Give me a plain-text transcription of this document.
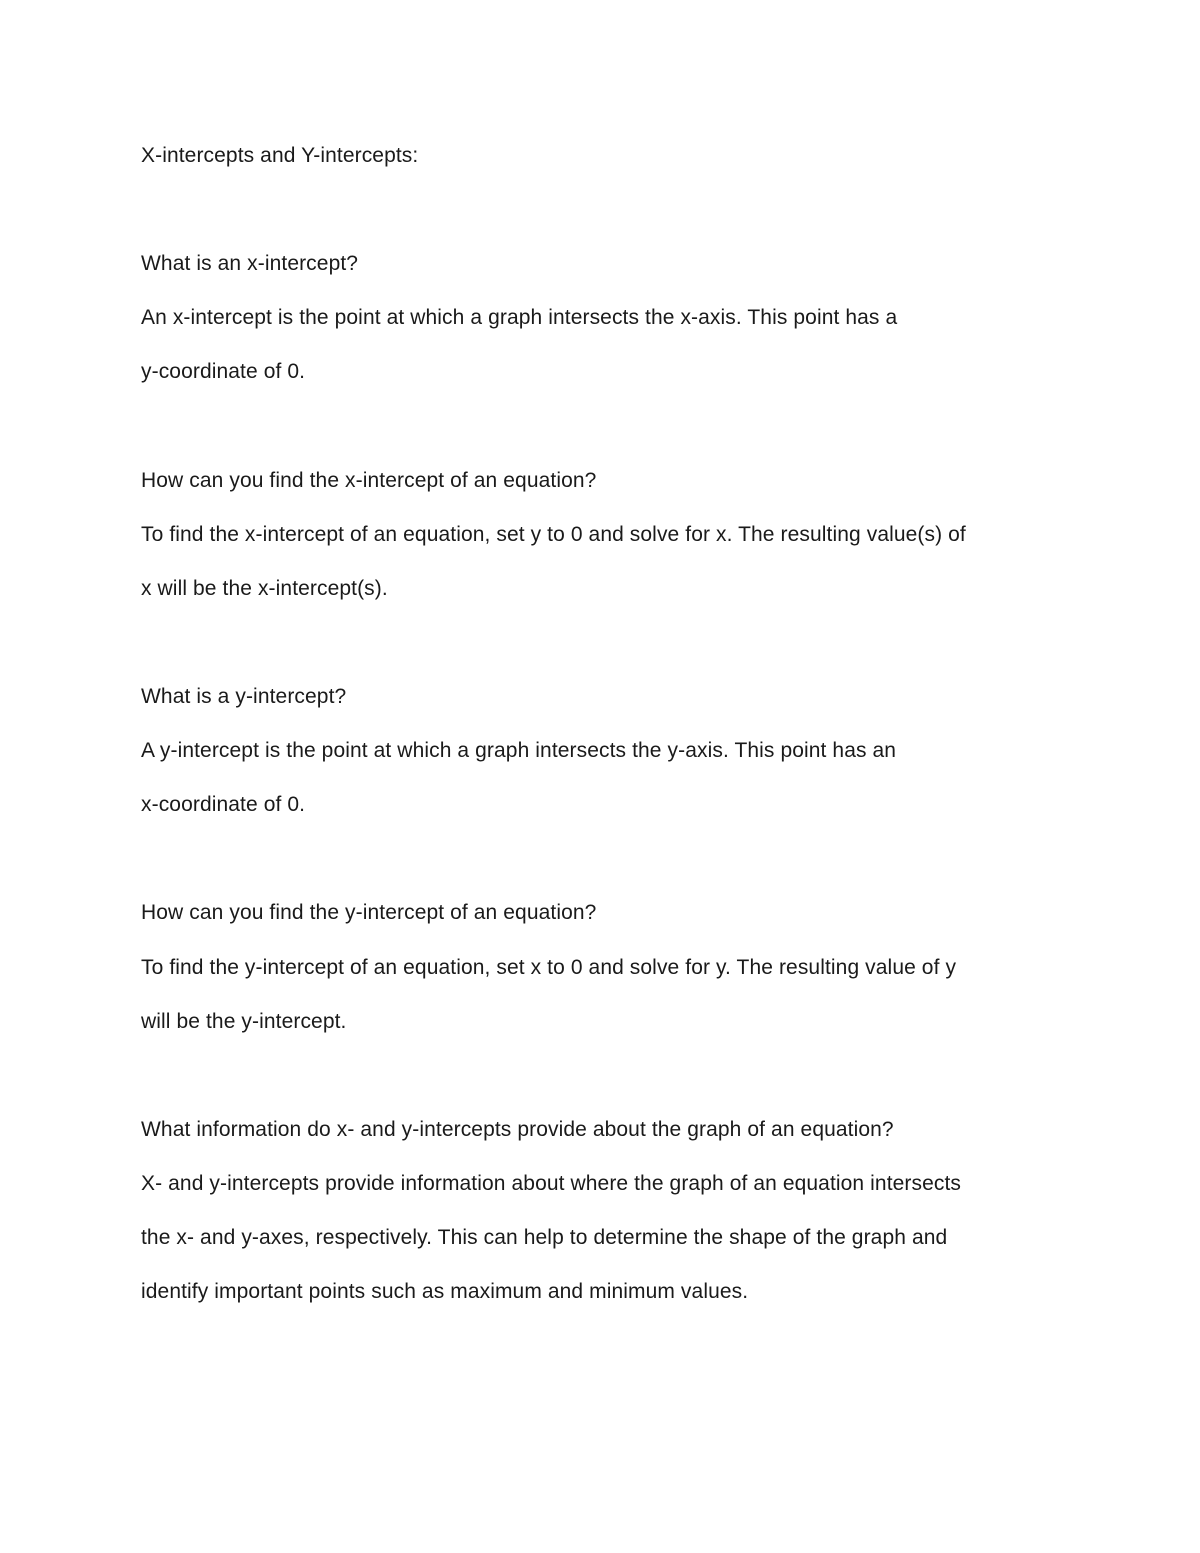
X-intercepts and Y-intercepts:
What is an x-intercept?
An x-intercept is the point at which a graph intersects the x-axis. This point has a
y-coordinate of 0.
How can you find the x-intercept of an equation?
To find the x-intercept of an equation, set y to 0 and solve for x. The resulting value(s) of
x will be the x-intercept(s).
What is a y-intercept?
A y-intercept is the point at which a graph intersects the y-axis. This point has an
x-coordinate of 0.
How can you find the y-intercept of an equation?
To find the y-intercept of an equation, set x to 0 and solve for y. The resulting value of y
will be the y-intercept.
What information do x- and y-intercepts provide about the graph of an equation?
X- and y-intercepts provide information about where the graph of an equation intersects
the x- and y-axes, respectively. This can help to determine the shape of the graph and
identify important points such as maximum and minimum values.
